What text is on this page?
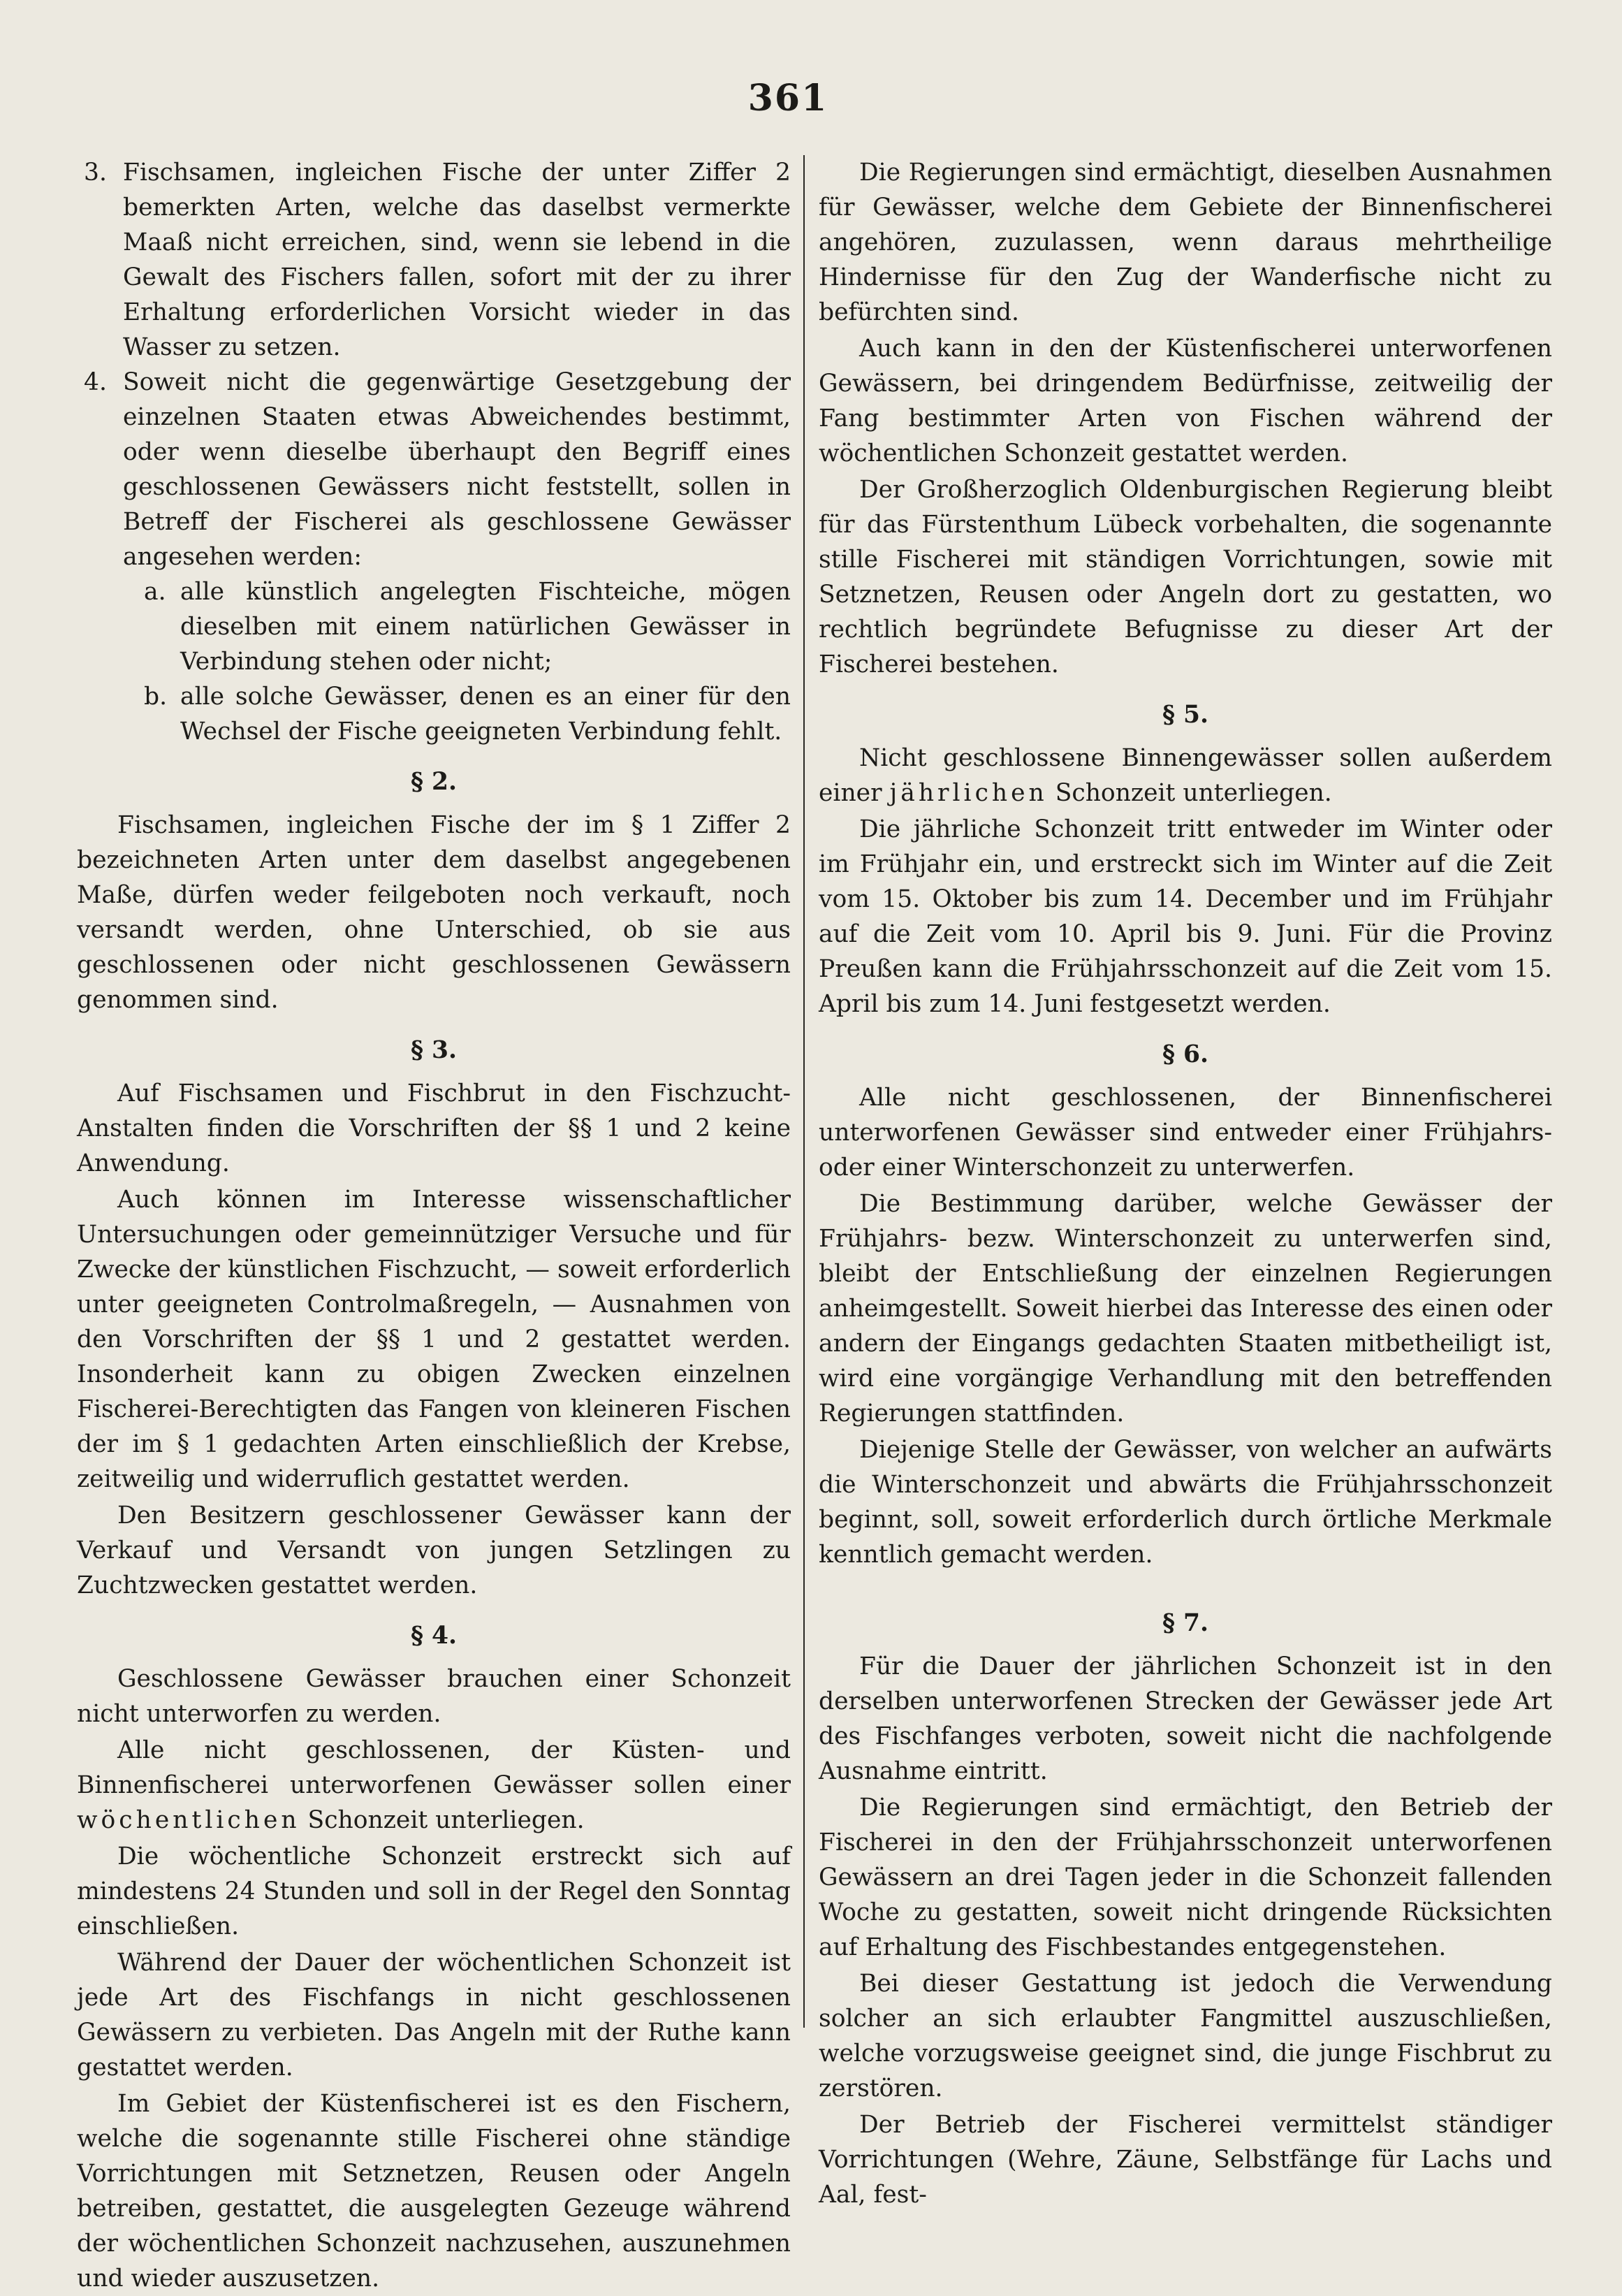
361
3. Fischsamen, ingleichen Fische der unter Ziffer 2 bemerkten Arten, welche das daselbst vermerkte Maaß nicht erreichen, sind, wenn sie lebend in die Gewalt des Fischers fallen, sofort mit der zu ihrer Erhaltung erforderlichen Vorsicht wieder in das Wasser zu setzen.
4. Soweit nicht die gegenwärtige Gesetzgebung der einzelnen Staaten etwas Abweichendes bestimmt, oder wenn dieselbe überhaupt den Begriff eines geschlossenen Gewässers nicht feststellt, sollen in Betreff der Fischerei als geschlossene Gewässer angesehen werden:
a. alle künstlich angelegten Fischteiche, mögen dieselben mit einem natürlichen Gewässer in Verbindung stehen oder nicht;
b. alle solche Gewässer, denen es an einer für den Wechsel der Fische geeigneten Verbindung fehlt.
§ 2.

Fischsamen, ingleichen Fische der im § 1 Ziffer 2 bezeichneten Arten unter dem daselbst angegebenen Maße, dürfen weder feilgeboten noch verkauft, noch versandt werden, ohne Unterschied, ob sie aus geschlossenen oder nicht geschlossenen Gewässern genommen sind.

§ 3.

Auf Fischsamen und Fischbrut in den Fischzucht-Anstalten finden die Vorschriften der §§ 1 und 2 keine Anwendung.

Auch können im Interesse wissenschaftlicher Untersuchungen oder gemeinnütziger Versuche und für Zwecke der künstlichen Fischzucht, — soweit erforderlich unter geeigneten Controlmaßregeln, — Ausnahmen von den Vorschriften der §§ 1 und 2 gestattet werden. Insonderheit kann zu obigen Zwecken einzelnen Fischerei-Berechtigten das Fangen von kleineren Fischen der im § 1 gedachten Arten einschließlich der Krebse, zeitweilig und widerruflich gestattet werden.

Den Besitzern geschlossener Gewässer kann der Verkauf und Versandt von jungen Setzlingen zu Zuchtzwecken gestattet werden.

§ 4.

Geschlossene Gewässer brauchen einer Schonzeit nicht unterworfen zu werden.

Alle nicht geschlossenen, der Küsten- und Binnenfischerei unterworfenen Gewässer sollen einer wöchentlichen Schonzeit unterliegen.

Die wöchentliche Schonzeit erstreckt sich auf mindestens 24 Stunden und soll in der Regel den Sonntag einschließen.

Während der Dauer der wöchentlichen Schonzeit ist jede Art des Fischfangs in nicht geschlossenen Gewässern zu verbieten. Das Angeln mit der Ruthe kann gestattet werden.

Im Gebiet der Küstenfischerei ist es den Fischern, welche die sogenannte stille Fischerei ohne ständige Vorrichtungen mit Setznetzen, Reusen oder Angeln betreiben, gestattet, die ausgelegten Gezeuge während der wöchentlichen Schonzeit nachzusehen, auszunehmen und wieder auszusetzen.

Die Regierungen sind ermächtigt, dieselben Ausnahmen für Gewässer, welche dem Gebiete der Binnenfischerei angehören, zuzulassen, wenn daraus mehrtheilige Hindernisse für den Zug der Wanderfische nicht zu befürchten sind.

Auch kann in den der Küstenfischerei unterworfenen Gewässern, bei dringendem Bedürfnisse, zeitweilig der Fang bestimmter Arten von Fischen während der wöchentlichen Schonzeit gestattet werden.

Der Großherzoglich Oldenburgischen Regierung bleibt für das Fürstenthum Lübeck vorbehalten, die sogenannte stille Fischerei mit ständigen Vorrichtungen, sowie mit Setznetzen, Reusen oder Angeln dort zu gestatten, wo rechtlich begründete Befugnisse zu dieser Art der Fischerei bestehen.

§ 5.

Nicht geschlossene Binnengewässer sollen außerdem einer jährlichen Schonzeit unterliegen.

Die jährliche Schonzeit tritt entweder im Winter oder im Frühjahr ein, und erstreckt sich im Winter auf die Zeit vom 15. Oktober bis zum 14. December und im Frühjahr auf die Zeit vom 10. April bis 9. Juni. Für die Provinz Preußen kann die Frühjahrsschonzeit auf die Zeit vom 15. April bis zum 14. Juni festgesetzt werden.

§ 6.

Alle nicht geschlossenen, der Binnenfischerei unterworfenen Gewässer sind entweder einer Frühjahrs- oder einer Winterschonzeit zu unterwerfen.

Die Bestimmung darüber, welche Gewässer der Frühjahrs- bezw. Winterschonzeit zu unterwerfen sind, bleibt der Entschließung der einzelnen Regierungen anheimgestellt. Soweit hierbei das Interesse des einen oder andern der Eingangs gedachten Staaten mitbetheiligt ist, wird eine vorgängige Verhandlung mit den betreffenden Regierungen stattfinden.

Diejenige Stelle der Gewässer, von welcher an aufwärts die Winterschonzeit und abwärts die Frühjahrsschonzeit beginnt, soll, soweit erforderlich durch örtliche Merkmale kenntlich gemacht werden.

§ 7.

Für die Dauer der jährlichen Schonzeit ist in den derselben unterworfenen Strecken der Gewässer jede Art des Fischfanges verboten, soweit nicht die nachfolgende Ausnahme eintritt.

Die Regierungen sind ermächtigt, den Betrieb der Fischerei in den der Frühjahrsschonzeit unterworfenen Gewässern an drei Tagen jeder in die Schonzeit fallenden Woche zu gestatten, soweit nicht dringende Rücksichten auf Erhaltung des Fischbestandes entgegenstehen.

Bei dieser Gestattung ist jedoch die Verwendung solcher an sich erlaubter Fangmittel auszuschließen, welche vorzugsweise geeignet sind, die junge Fischbrut zu zerstören.

Der Betrieb der Fischerei vermittelst ständiger Vorrichtungen (Wehre, Zäune, Selbstfänge für Lachs und Aal, fest-
